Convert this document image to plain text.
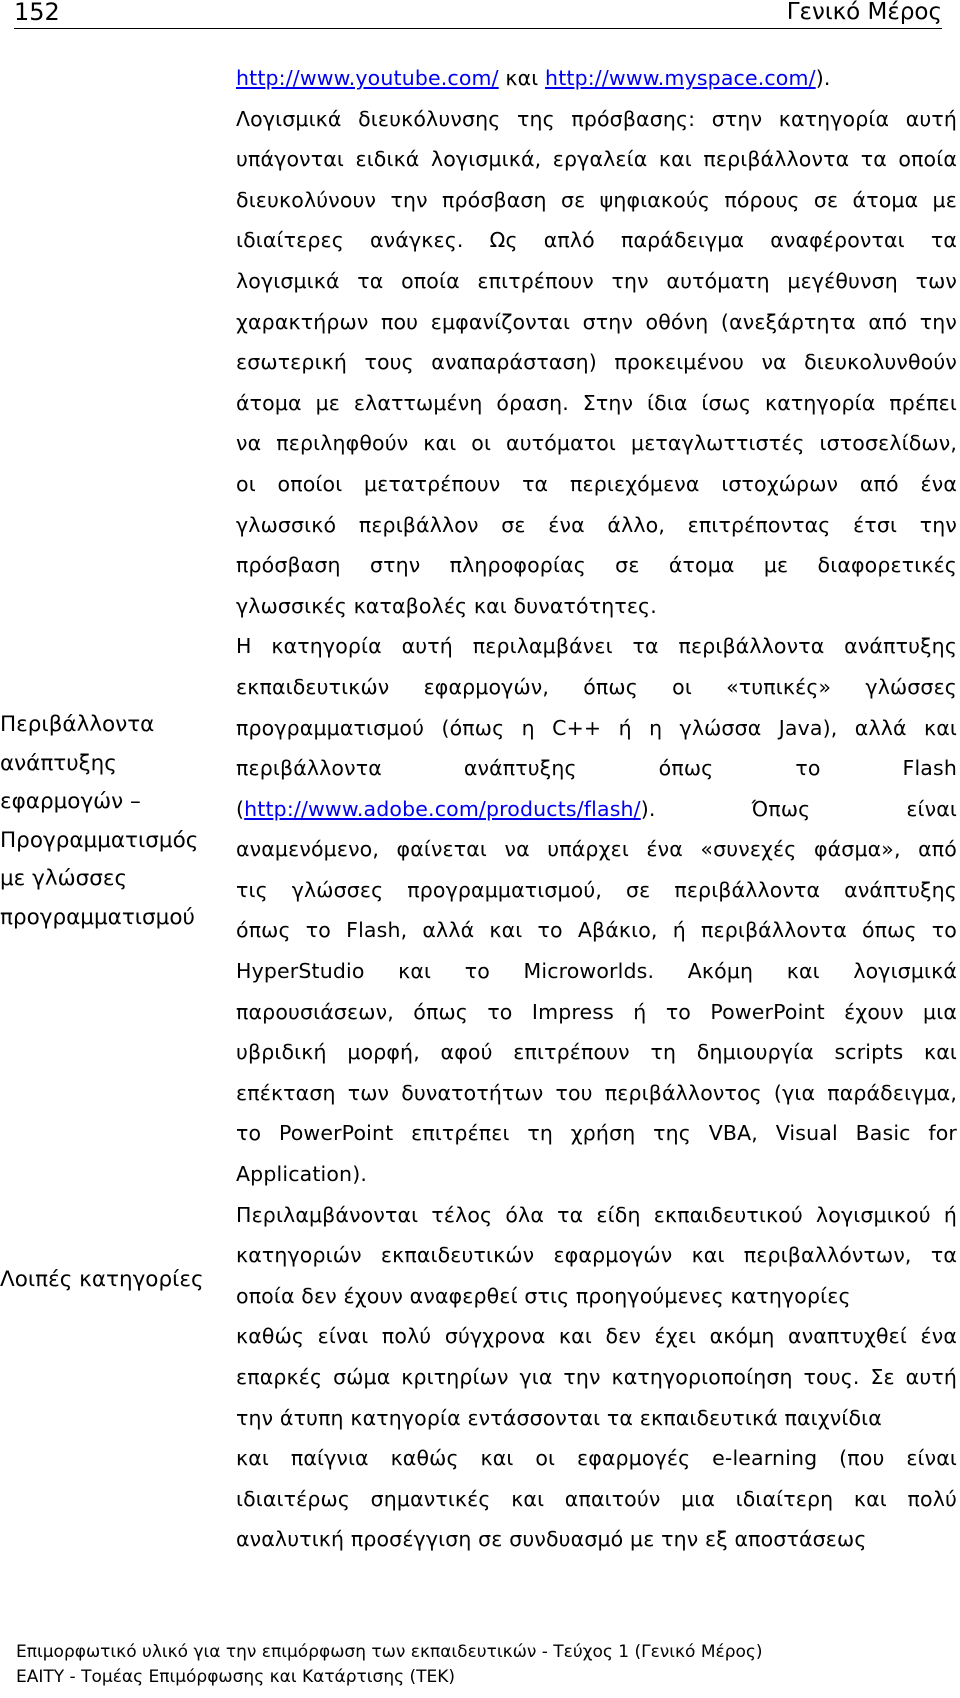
152	Γενικό Μέρος
Περιβάλλοντα
ανάπτυξης
εφαρμογών –
Προγραμματισμός
με γλώσσες
προγραμματισμού
Λοιπές κατηγορίες
http://www.youtube.com/ και http://www.myspace.com/).
Λογισμικά διευκόλυνσης της πρόσβασης: στην κατηγορία αυτή
υπάγονται ειδικά λογισμικά, εργαλεία και περιβάλλοντα τα οποία
διευκολύνουν την πρόσβαση σε ψηφιακούς πόρους σε άτομα με
ιδιαίτερες ανάγκες. Ως απλό παράδειγμα αναφέρονται τα
λογισμικά τα οποία επιτρέπουν την αυτόματη μεγέθυνση των
χαρακτήρων που εμφανίζονται στην οθόνη (ανεξάρτητα από την
εσωτερική τους αναπαράσταση) προκειμένου να διευκολυνθούν
άτομα με ελαττωμένη όραση. Στην ίδια ίσως κατηγορία πρέπει
να περιληφθούν και οι αυτόματοι μεταγλωττιστές ιστοσελίδων,
οι οποίοι μετατρέπουν τα περιεχόμενα ιστοχώρων από ένα
γλωσσικό περιβάλλον σε ένα άλλο, επιτρέποντας έτσι την
πρόσβαση στην πληροφορίας σε άτομα με διαφορετικές
γλωσσικές καταβολές και δυνατότητες.
Η κατηγορία αυτή περιλαμβάνει τα περιβάλλοντα ανάπτυξης
εκπαιδευτικών εφαρμογών, όπως οι «τυπικές» γλώσσες
προγραμματισμού (όπως η C++ ή η γλώσσα Java), αλλά και
περιβάλλοντα ανάπτυξης όπως το Flash
(http://www.adobe.com/products/flash/). Όπως είναι
αναμενόμενο, φαίνεται να υπάρχει ένα «συνεχές φάσμα», από
τις γλώσσες προγραμματισμού, σε περιβάλλοντα ανάπτυξης
όπως το Flash, αλλά και το Αβάκιο, ή περιβάλλοντα όπως το
HyperStudio και το Microworlds. Ακόμη και λογισμικά
παρουσιάσεων, όπως το Impress ή το PowerPoint έχουν μια
υβριδική μορφή, αφού επιτρέπουν τη δημιουργία scripts και
επέκταση των δυνατοτήτων του περιβάλλοντος (για παράδειγμα,
το PowerPoint επιτρέπει τη χρήση της VBA, Visual Basic for
Application).
Περιλαμβάνονται τέλος όλα τα είδη εκπαιδευτικού λογισμικού ή
κατηγοριών εκπαιδευτικών εφαρμογών και περιβαλλόντων, τα
οποία δεν έχουν αναφερθεί στις προηγούμενες κατηγορίες
καθώς είναι πολύ σύγχρονα και δεν έχει ακόμη αναπτυχθεί ένα
επαρκές σώμα κριτηρίων για την κατηγοριοποίηση τους. Σε αυτή
την άτυπη κατηγορία εντάσσονται τα εκπαιδευτικά παιχνίδια
και παίγνια καθώς και οι εφαρμογές e-learning (που είναι
ιδιαιτέρως σημαντικές και απαιτούν μια ιδιαίτερη και πολύ
αναλυτική προσέγγιση σε συνδυασμό με την εξ αποστάσεως
Επιμορφωτικό υλικό για την επιμόρφωση των εκπαιδευτικών - Τεύχος 1 (Γενικό Μέρος)
ΕΑΙΤΥ - Τομέας Επιμόρφωσης και Κατάρτισης (ΤΕΚ)
